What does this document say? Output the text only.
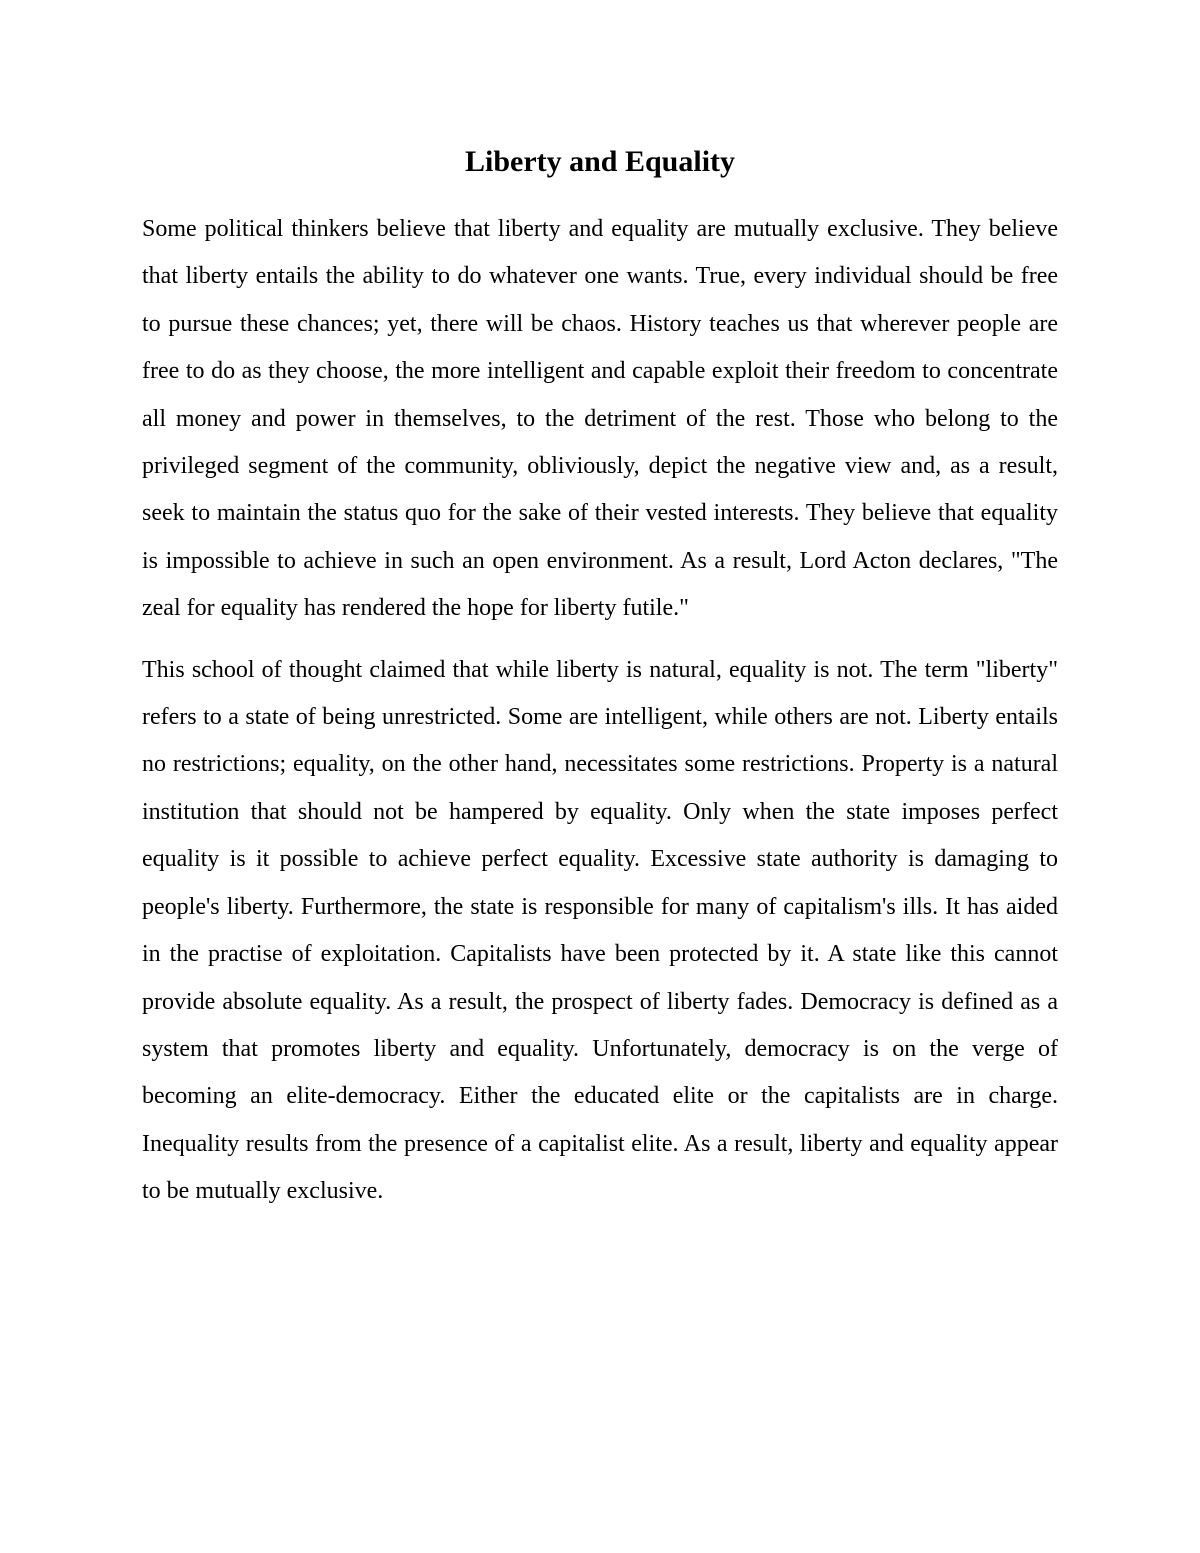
Liberty and Equality

Some political thinkers believe that liberty and equality are mutually exclusive. They believe that liberty entails the ability to do whatever one wants. True, every individual should be free to pursue these chances; yet, there will be chaos. History teaches us that wherever people are free to do as they choose, the more intelligent and capable exploit their freedom to concentrate all money and power in themselves, to the detriment of the rest. Those who belong to the privileged segment of the community, obliviously, depict the negative view and, as a result, seek to maintain the status quo for the sake of their vested interests. They believe that equality is impossible to achieve in such an open environment. As a result, Lord Acton declares, "The zeal for equality has rendered the hope for liberty futile."

This school of thought claimed that while liberty is natural, equality is not. The term "liberty" refers to a state of being unrestricted. Some are intelligent, while others are not. Liberty entails no restrictions; equality, on the other hand, necessitates some restrictions. Property is a natural institution that should not be hampered by equality. Only when the state imposes perfect equality is it possible to achieve perfect equality. Excessive state authority is damaging to people's liberty. Furthermore, the state is responsible for many of capitalism's ills. It has aided in the practise of exploitation. Capitalists have been protected by it. A state like this cannot provide absolute equality. As a result, the prospect of liberty fades. Democracy is defined as a system that promotes liberty and equality. Unfortunately, democracy is on the verge of becoming an elite-democracy. Either the educated elite or the capitalists are in charge. Inequality results from the presence of a capitalist elite. As a result, liberty and equality appear to be mutually exclusive.
